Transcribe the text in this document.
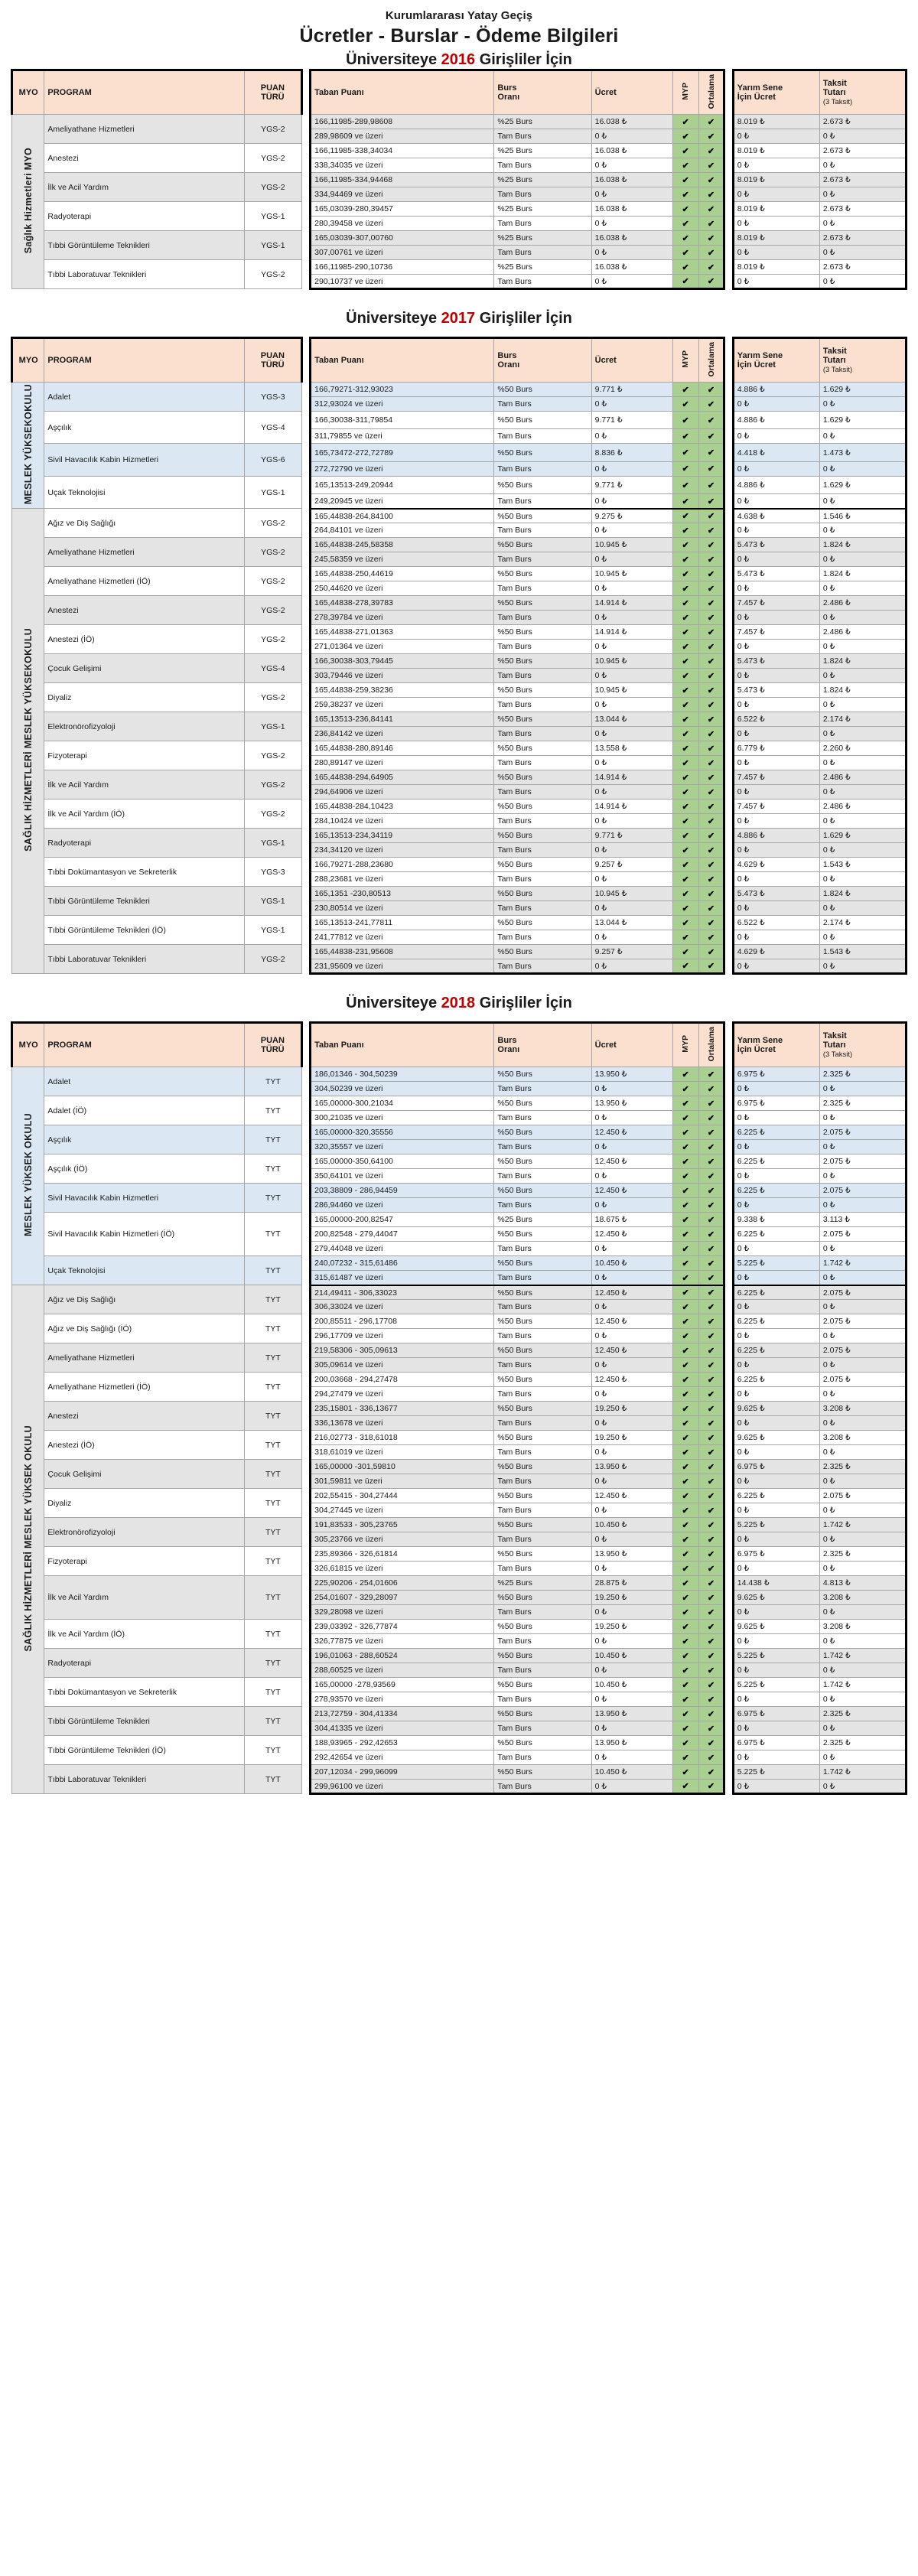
Kurumlararası Yatay Geçiş
Ücretler - Burslar - Ödeme Bilgileri
Üniversiteye 2016 Girişliler İçin
MYO	PROGRAM	PUAN
TÜRÜ		Taban Puanı	Burs
Oranı	Ücret	MYP	Ortalama		Yarım Sene
İçin Ücret	Taksit
Tutarı
(3 Taksit)

Sağlık Hizmetleri MYO	Ameliyathane Hizmetleri	YGS-2		166,11985-289,98608	%25 Burs	16.038 ₺	✔	✔		8.019 ₺	2.673 ₺
				289,98609 ve üzeri	Tam Burs	0 ₺	✔	✔		0 ₺	0 ₺
	Anestezi	YGS-2		166,11985-338,34034	%25 Burs	16.038 ₺	✔	✔		8.019 ₺	2.673 ₺
				338,34035 ve üzeri	Tam Burs	0 ₺	✔	✔		0 ₺	0 ₺
	İlk ve Acil Yardım	YGS-2		166,11985-334,94468	%25 Burs	16.038 ₺	✔	✔		8.019 ₺	2.673 ₺
				334,94469 ve üzeri	Tam Burs	0 ₺	✔	✔		0 ₺	0 ₺
	Radyoterapi	YGS-1		165,03039-280,39457	%25 Burs	16.038 ₺	✔	✔		8.019 ₺	2.673 ₺
				280,39458 ve üzeri	Tam Burs	0 ₺	✔	✔		0 ₺	0 ₺
	Tıbbi Görüntüleme Teknikleri	YGS-1		165,03039-307,00760	%25 Burs	16.038 ₺	✔	✔		8.019 ₺	2.673 ₺
				307,00761 ve üzeri	Tam Burs	0 ₺	✔	✔		0 ₺	0 ₺
	Tıbbi Laboratuvar Teknikleri	YGS-2		166,11985-290,10736	%25 Burs	16.038 ₺	✔	✔		8.019 ₺	2.673 ₺
				290,10737 ve üzeri	Tam Burs	0 ₺	✔	✔		0 ₺	0 ₺
Üniversiteye 2017 Girişliler İçin
MYO	PROGRAM	PUAN
TÜRÜ		Taban Puanı	Burs
Oranı	Ücret	MYP	Ortalama		Yarım Sene
İçin Ücret	Taksit
Tutarı
(3 Taksit)

MESLEK YÜKSEKOKULU	Adalet	YGS-3		166,79271-312,93023	%50 Burs	9.771 ₺	✔	✔		4.886 ₺	1.629 ₺
				312,93024 ve üzeri	Tam Burs	0 ₺	✔	✔		0 ₺	0 ₺
	Aşçılık	YGS-4		166,30038-311,79854	%50 Burs	9.771 ₺	✔	✔		4.886 ₺	1.629 ₺
				311,79855 ve üzeri	Tam Burs	0 ₺	✔	✔		0 ₺	0 ₺
	Sivil Havacılık Kabin Hizmetleri	YGS-6		165,73472-272,72789	%50 Burs	8.836 ₺	✔	✔		4.418 ₺	1.473 ₺
				272,72790 ve üzeri	Tam Burs	0 ₺	✔	✔		0 ₺	0 ₺
	Uçak Teknolojisi	YGS-1		165,13513-249,20944	%50 Burs	9.771 ₺	✔	✔		4.886 ₺	1.629 ₺
				249,20945 ve üzeri	Tam Burs	0 ₺	✔	✔		0 ₺	0 ₺
SAĞLIK HİZMETLERİ MESLEK YÜKSEKOKULU	Ağız ve Diş Sağlığı	YGS-2		165,44838-264,84100	%50 Burs	9.275 ₺	✔	✔		4.638 ₺	1.546 ₺
				264,84101 ve üzeri	Tam Burs	0 ₺	✔	✔		0 ₺	0 ₺
	Ameliyathane Hizmetleri	YGS-2		165,44838-245,58358	%50 Burs	10.945 ₺	✔	✔		5.473 ₺	1.824 ₺
				245,58359 ve üzeri	Tam Burs	0 ₺	✔	✔		0 ₺	0 ₺
	Ameliyathane Hizmetleri (İÖ)	YGS-2		165,44838-250,44619	%50 Burs	10.945 ₺	✔	✔		5.473 ₺	1.824 ₺
				250,44620 ve üzeri	Tam Burs	0 ₺	✔	✔		0 ₺	0 ₺
	Anestezi	YGS-2		165,44838-278,39783	%50 Burs	14.914 ₺	✔	✔		7.457 ₺	2.486 ₺
				278,39784 ve üzeri	Tam Burs	0 ₺	✔	✔		0 ₺	0 ₺
	Anestezi (İÖ)	YGS-2		165,44838-271,01363	%50 Burs	14.914 ₺	✔	✔		7.457 ₺	2.486 ₺
				271,01364 ve üzeri	Tam Burs	0 ₺	✔	✔		0 ₺	0 ₺
	Çocuk Gelişimi	YGS-4		166,30038-303,79445	%50 Burs	10.945 ₺	✔	✔		5.473 ₺	1.824 ₺
				303,79446 ve üzeri	Tam Burs	0 ₺	✔	✔		0 ₺	0 ₺
	Diyaliz	YGS-2		165,44838-259,38236	%50 Burs	10.945 ₺	✔	✔		5.473 ₺	1.824 ₺
				259,38237 ve üzeri	Tam Burs	0 ₺	✔	✔		0 ₺	0 ₺
	Elektronörofizyoloji	YGS-1		165,13513-236,84141	%50 Burs	13.044 ₺	✔	✔		6.522 ₺	2.174 ₺
				236,84142 ve üzeri	Tam Burs	0 ₺	✔	✔		0 ₺	0 ₺
	Fizyoterapi	YGS-2		165,44838-280,89146	%50 Burs	13.558 ₺	✔	✔		6.779 ₺	2.260 ₺
				280,89147 ve üzeri	Tam Burs	0 ₺	✔	✔		0 ₺	0 ₺
	İlk ve Acil Yardım	YGS-2		165,44838-294,64905	%50 Burs	14.914 ₺	✔	✔		7.457 ₺	2.486 ₺
				294,64906 ve üzeri	Tam Burs	0 ₺	✔	✔		0 ₺	0 ₺
	İlk ve Acil Yardım (İÖ)	YGS-2		165,44838-284,10423	%50 Burs	14.914 ₺	✔	✔		7.457 ₺	2.486 ₺
				284,10424 ve üzeri	Tam Burs	0 ₺	✔	✔		0 ₺	0 ₺
	Radyoterapi	YGS-1		165,13513-234,34119	%50 Burs	9.771 ₺	✔	✔		4.886 ₺	1.629 ₺
				234,34120 ve üzeri	Tam Burs	0 ₺	✔	✔		0 ₺	0 ₺
	Tıbbi Dokümantasyon ve Sekreterlik	YGS-3		166,79271-288,23680	%50 Burs	9.257 ₺	✔	✔		4.629 ₺	1.543 ₺
				288,23681 ve üzeri	Tam Burs	0 ₺	✔	✔		0 ₺	0 ₺
	Tıbbi Görüntüleme Teknikleri	YGS-1		165,1351 -230,80513	%50 Burs	10.945 ₺	✔	✔		5.473 ₺	1.824 ₺
				230,80514 ve üzeri	Tam Burs	0 ₺	✔	✔		0 ₺	0 ₺
	Tıbbi Görüntüleme Teknikleri (İÖ)	YGS-1		165,13513-241,77811	%50 Burs	13.044 ₺	✔	✔		6.522 ₺	2.174 ₺
				241,77812 ve üzeri	Tam Burs	0 ₺	✔	✔		0 ₺	0 ₺
	Tıbbi Laboratuvar Teknikleri	YGS-2		165,44838-231,95608	%50 Burs	9.257 ₺	✔	✔		4.629 ₺	1.543 ₺
				231,95609 ve üzeri	Tam Burs	0 ₺	✔	✔		0 ₺	0 ₺
Üniversiteye 2018 Girişliler İçin
MYO	PROGRAM	PUAN
TÜRÜ		Taban Puanı	Burs
Oranı	Ücret	MYP	Ortalama		Yarım Sene
İçin Ücret	Taksit
Tutarı
(3 Taksit)

MESLEK YÜKSEK OKULU	Adalet	TYT		186,01346 - 304,50239	%50 Burs	13.950 ₺	✔	✔		6.975 ₺	2.325 ₺
				304,50239 ve üzeri	Tam Burs	0 ₺	✔	✔		0 ₺	0 ₺
	Adalet (İÖ)	TYT		165,00000-300,21034	%50 Burs	13.950 ₺	✔	✔		6.975 ₺	2.325 ₺
				300,21035 ve üzeri	Tam Burs	0 ₺	✔	✔		0 ₺	0 ₺
	Aşçılık	TYT		165,00000-320,35556	%50 Burs	12.450 ₺	✔	✔		6.225 ₺	2.075 ₺
				320,35557 ve üzeri	Tam Burs	0 ₺	✔	✔		0 ₺	0 ₺
	Aşçılık (İÖ)	TYT		165,00000-350,64100	%50 Burs	12.450 ₺	✔	✔		6.225 ₺	2.075 ₺
				350,64101 ve üzeri	Tam Burs	0 ₺	✔	✔		0 ₺	0 ₺
	Sivil Havacılık Kabin Hizmetleri	TYT		203,38809 - 286,94459	%50 Burs	12.450 ₺	✔	✔		6.225 ₺	2.075 ₺
				286,94460 ve üzeri	Tam Burs	0 ₺	✔	✔		0 ₺	0 ₺
	Sivil Havacılık Kabin Hizmetleri (İÖ)	TYT		165,00000-200,82547	%25 Burs	18.675 ₺	✔	✔		9.338 ₺	3.113 ₺
				200,82548 - 279,44047	%50 Burs	12.450 ₺	✔	✔		6.225 ₺	2.075 ₺
				279,44048 ve üzeri	Tam Burs	0 ₺	✔	✔		0 ₺	0 ₺
	Uçak Teknolojisi	TYT		240,07232 - 315,61486	%50 Burs	10.450 ₺	✔	✔		5.225 ₺	1.742 ₺
				315,61487 ve üzeri	Tam Burs	0 ₺	✔	✔		0 ₺	0 ₺
SAĞLIK HİZMETLERİ MESLEK YÜKSEK OKULU	Ağız ve Diş Sağlığı	TYT		214,49411 - 306,33023	%50 Burs	12.450 ₺	✔	✔		6.225 ₺	2.075 ₺
				306,33024 ve üzeri	Tam Burs	0 ₺	✔	✔		0 ₺	0 ₺
	Ağız ve Diş Sağlığı (İÖ)	TYT		200,85511 - 296,17708	%50 Burs	12.450 ₺	✔	✔		6.225 ₺	2.075 ₺
				296,17709 ve üzeri	Tam Burs	0 ₺	✔	✔		0 ₺	0 ₺
	Ameliyathane Hizmetleri	TYT		219,58306 - 305,09613	%50 Burs	12.450 ₺	✔	✔		6.225 ₺	2.075 ₺
				305,09614 ve üzeri	Tam Burs	0 ₺	✔	✔		0 ₺	0 ₺
	Ameliyathane Hizmetleri (İÖ)	TYT		200,03668 - 294,27478	%50 Burs	12.450 ₺	✔	✔		6.225 ₺	2.075 ₺
				294,27479 ve üzeri	Tam Burs	0 ₺	✔	✔		0 ₺	0 ₺
	Anestezi	TYT		235,15801 - 336,13677	%50 Burs	19.250 ₺	✔	✔		9.625 ₺	3.208 ₺
				336,13678 ve üzeri	Tam Burs	0 ₺	✔	✔		0 ₺	0 ₺
	Anestezi (İÖ)	TYT		216,02773 - 318,61018	%50 Burs	19.250 ₺	✔	✔		9.625 ₺	3.208 ₺
				318,61019 ve üzeri	Tam Burs	0 ₺	✔	✔		0 ₺	0 ₺
	Çocuk Gelişimi	TYT		165,00000 -301,59810	%50 Burs	13.950 ₺	✔	✔		6.975 ₺	2.325 ₺
				301,59811 ve üzeri	Tam Burs	0 ₺	✔	✔		0 ₺	0 ₺
	Diyaliz	TYT		202,55415 - 304,27444	%50 Burs	12.450 ₺	✔	✔		6.225 ₺	2.075 ₺
				304,27445 ve üzeri	Tam Burs	0 ₺	✔	✔		0 ₺	0 ₺
	Elektronörofizyoloji	TYT		191,83533 - 305,23765	%50 Burs	10.450 ₺	✔	✔		5.225 ₺	1.742 ₺
				305,23766 ve üzeri	Tam Burs	0 ₺	✔	✔		0 ₺	0 ₺
	Fizyoterapi	TYT		235,89366 - 326,61814	%50 Burs	13.950 ₺	✔	✔		6.975 ₺	2.325 ₺
				326,61815 ve üzeri	Tam Burs	0 ₺	✔	✔		0 ₺	0 ₺
	İlk ve Acil Yardım	TYT		225,90206 - 254,01606	%25 Burs	28.875 ₺	✔	✔		14.438 ₺	4.813 ₺
				254,01607 - 329,28097	%50 Burs	19.250 ₺	✔	✔		9.625 ₺	3.208 ₺
				329,28098 ve üzeri	Tam Burs	0 ₺	✔	✔		0 ₺	0 ₺
	İlk ve Acil Yardım (İÖ)	TYT		239,03392 - 326,77874	%50 Burs	19.250 ₺	✔	✔		9.625 ₺	3.208 ₺
				326,77875 ve üzeri	Tam Burs	0 ₺	✔	✔		0 ₺	0 ₺
	Radyoterapi	TYT		196,01063 - 288,60524	%50 Burs	10.450 ₺	✔	✔		5.225 ₺	1.742 ₺
				288,60525 ve üzeri	Tam Burs	0 ₺	✔	✔		0 ₺	0 ₺
	Tıbbi Dokümantasyon ve Sekreterlik	TYT		165,00000 -278,93569	%50 Burs	10.450 ₺	✔	✔		5.225 ₺	1.742 ₺
				278,93570 ve üzeri	Tam Burs	0 ₺	✔	✔		0 ₺	0 ₺
	Tıbbi Görüntüleme Teknikleri	TYT		213,72759 - 304,41334	%50 Burs	13.950 ₺	✔	✔		6.975 ₺	2.325 ₺
				304,41335 ve üzeri	Tam Burs	0 ₺	✔	✔		0 ₺	0 ₺
	Tıbbi Görüntüleme Teknikleri (İÖ)	TYT		188,93965 - 292,42653	%50 Burs	13.950 ₺	✔	✔		6.975 ₺	2.325 ₺
				292,42654 ve üzeri	Tam Burs	0 ₺	✔	✔		0 ₺	0 ₺
	Tıbbi Laboratuvar Teknikleri	TYT		207,12034 - 299,96099	%50 Burs	10.450 ₺	✔	✔		5.225 ₺	1.742 ₺
				299,96100 ve üzeri	Tam Burs	0 ₺	✔	✔		0 ₺	0 ₺
